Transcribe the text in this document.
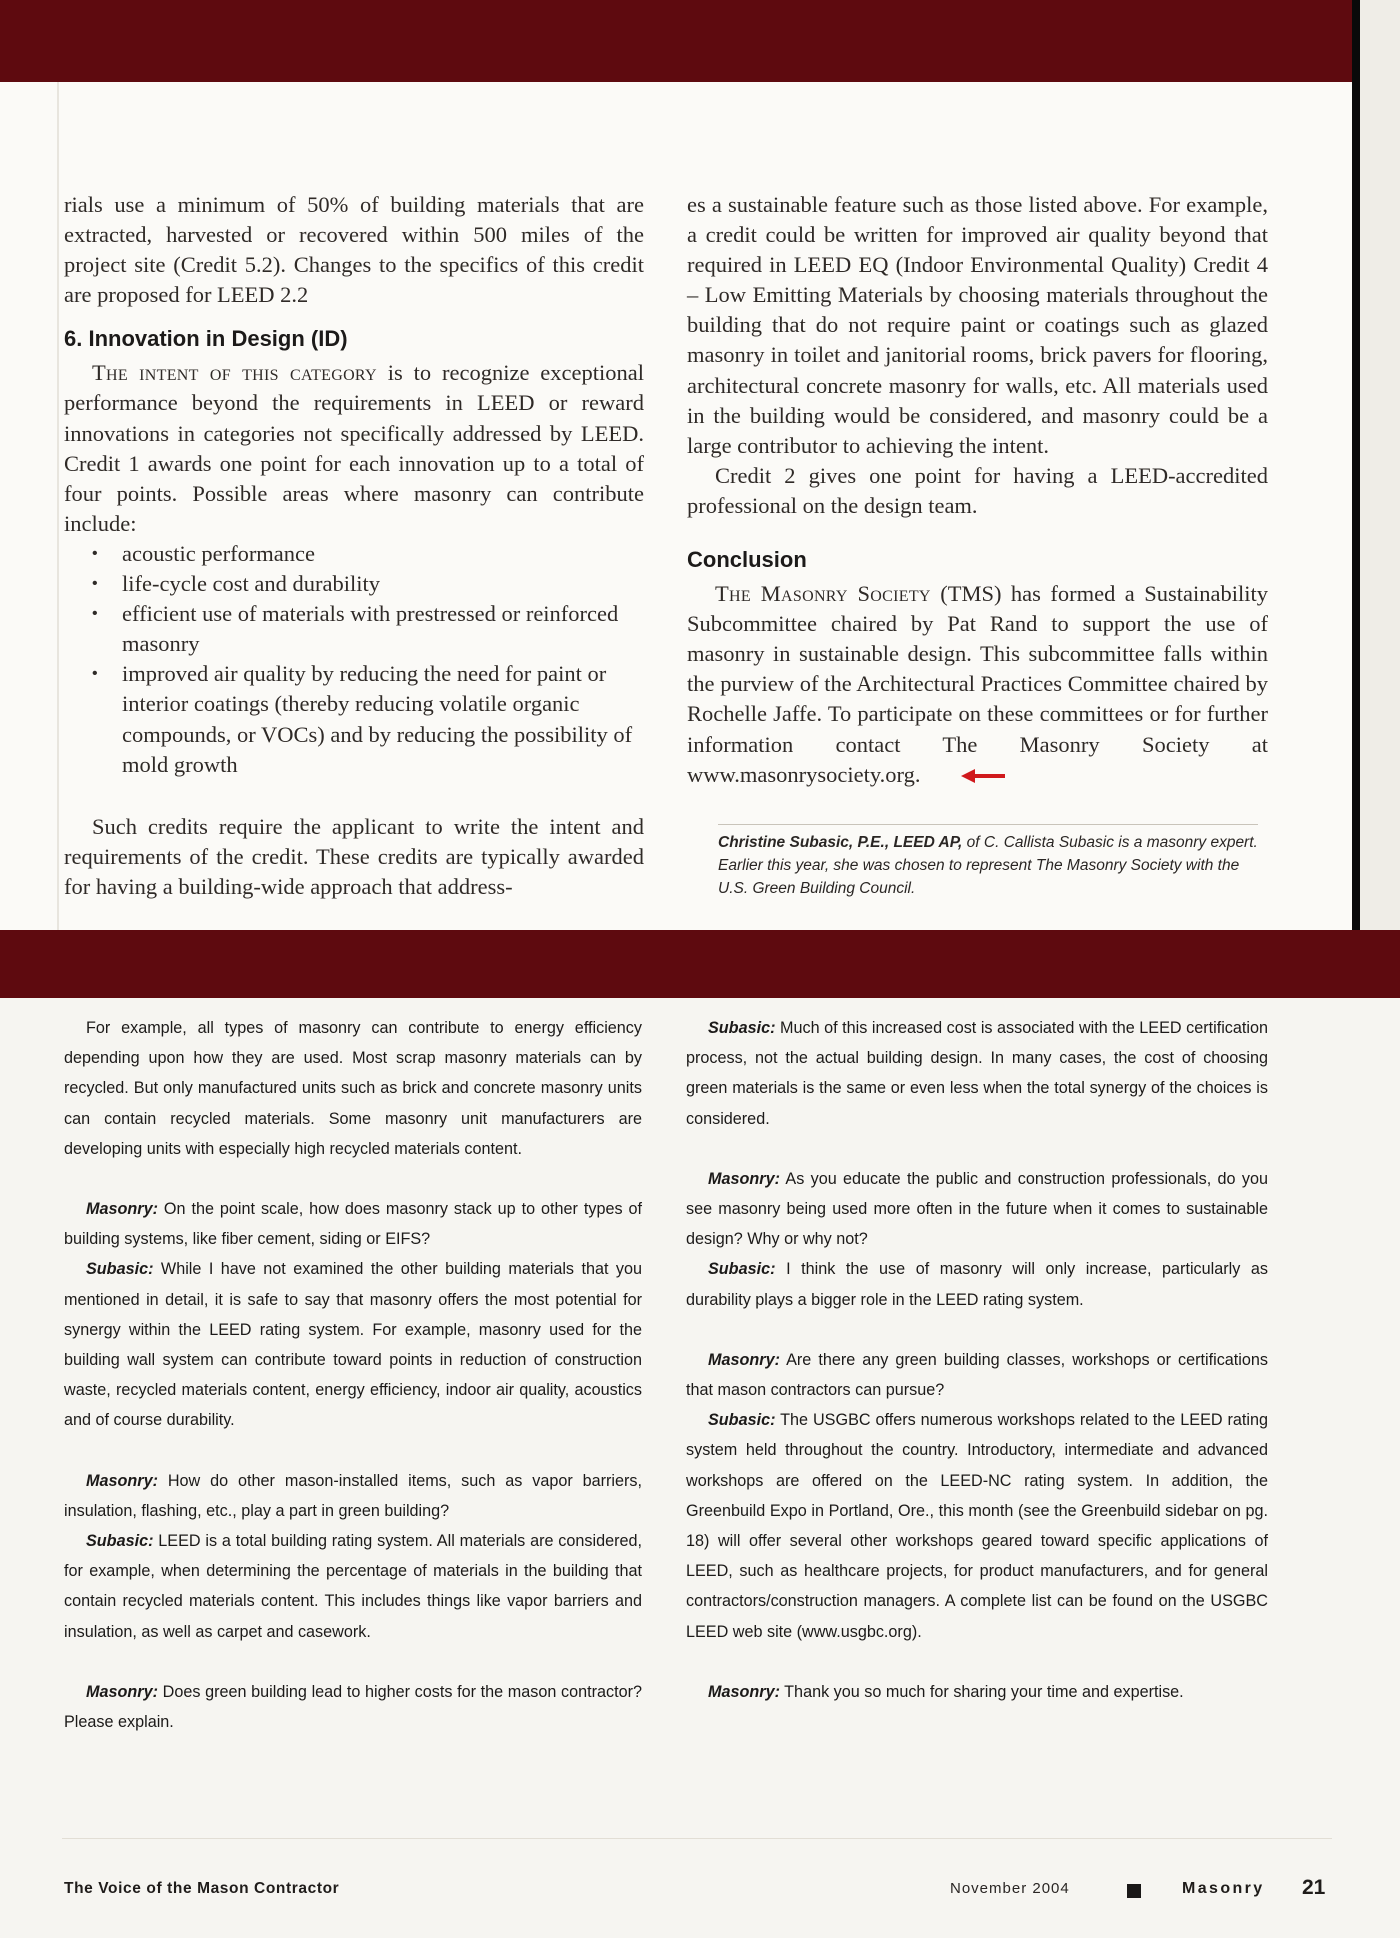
rials use a minimum of 50% of building materials that are extracted, harvested or recovered within 500 miles of the project site (Credit 5.2). Changes to the specifics of this credit are proposed for LEED 2.2

6. Innovation in Design (ID)

The intent of this category is to recognize exceptional performance beyond the requirements in LEED or reward innovations in categories not specifically addressed by LEED. Credit 1 awards one point for each innovation up to a total of four points. Possible areas where masonry can contribute include:

• acoustic performance
• life-cycle cost and durability
• efficient use of materials with prestressed or reinforced masonry
• improved air quality by reducing the need for paint or interior coatings (thereby reducing volatile organic compounds, or VOCs) and by reducing the possibility of mold growth

Such credits require the applicant to write the intent and requirements of the credit. These credits are typically awarded for having a building-wide approach that address-

es a sustainable feature such as those listed above. For example, a credit could be written for improved air quality beyond that required in LEED EQ (Indoor Environmental Quality) Credit 4 – Low Emitting Materials by choosing materials throughout the building that do not require paint or coatings such as glazed masonry in toilet and janitorial rooms, brick pavers for flooring, architectural concrete masonry for walls, etc. All materials used in the building would be considered, and masonry could be a large contributor to achieving the intent.

Credit 2 gives one point for having a LEED-accredited professional on the design team.

Conclusion

The Masonry Society (TMS) has formed a Sustainability Subcommittee chaired by Pat Rand to support the use of masonry in sustainable design. This subcommittee falls within the purview of the Architectural Practices Committee chaired by Rochelle Jaffe. To participate on these committees or for further information contact The Masonry Society at www.masonrysociety.org.

Christine Subasic, P.E., LEED AP, of C. Callista Subasic is a masonry expert. Earlier this year, she was chosen to represent The Masonry Society with the U.S. Green Building Council.

For example, all types of masonry can contribute to energy efficiency depending upon how they are used. Most scrap masonry materials can by recycled. But only manufactured units such as brick and concrete masonry units can contain recycled materials. Some masonry unit manufacturers are developing units with especially high recycled materials content.

Masonry: On the point scale, how does masonry stack up to other types of building systems, like fiber cement, siding or EIFS?

Subasic: While I have not examined the other building materials that you mentioned in detail, it is safe to say that masonry offers the most potential for synergy within the LEED rating system. For example, masonry used for the building wall system can contribute toward points in reduction of construction waste, recycled materials content, energy efficiency, indoor air quality, acoustics and of course durability.

Masonry: How do other mason-installed items, such as vapor barriers, insulation, flashing, etc., play a part in green building?

Subasic: LEED is a total building rating system. All materials are considered, for example, when determining the percentage of materials in the building that contain recycled materials content. This includes things like vapor barriers and insulation, as well as carpet and casework.

Masonry: Does green building lead to higher costs for the mason contractor? Please explain.

Subasic: Much of this increased cost is associated with the LEED certification process, not the actual building design. In many cases, the cost of choosing green materials is the same or even less when the total synergy of the choices is considered.

Masonry: As you educate the public and construction professionals, do you see masonry being used more often in the future when it comes to sustainable design? Why or why not?

Subasic: I think the use of masonry will only increase, particularly as durability plays a bigger role in the LEED rating system.

Masonry: Are there any green building classes, workshops or certifications that mason contractors can pursue?

Subasic: The USGBC offers numerous workshops related to the LEED rating system held throughout the country. Introductory, intermediate and advanced workshops are offered on the LEED-NC rating system. In addition, the Greenbuild Expo in Portland, Ore., this month (see the Greenbuild sidebar on pg. 18) will offer several other workshops geared toward specific applications of LEED, such as healthcare projects, for product manufacturers, and for general contractors/construction managers. A complete list can be found on the USGBC LEED web site (www.usgbc.org).

Masonry: Thank you so much for sharing your time and expertise.

The Voice of the Mason Contractor	November 2004	Masonry 21
